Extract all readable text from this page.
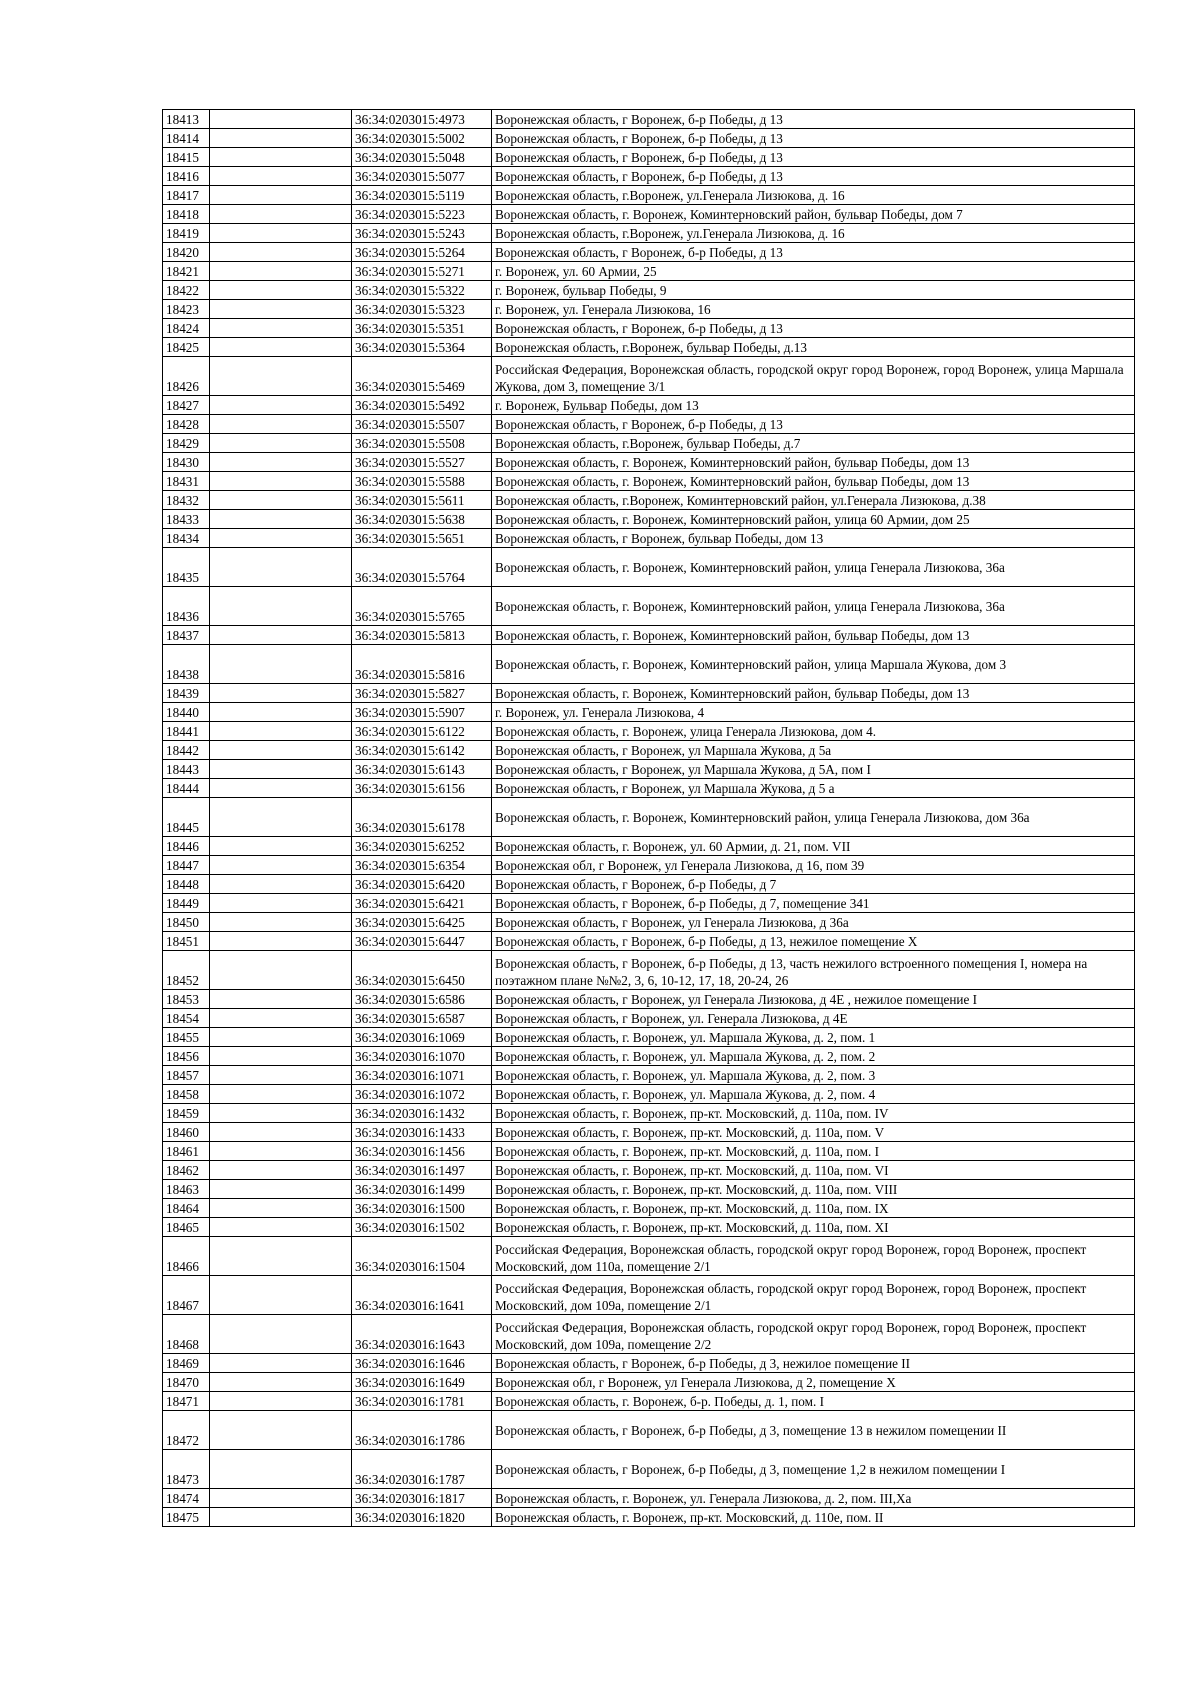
18413		36:34:0203015:4973	Воронежская область, г Воронеж, б-р Победы, д 13
18414		36:34:0203015:5002	Воронежская область, г Воронеж, б-р Победы, д 13
18415		36:34:0203015:5048	Воронежская область, г Воронеж, б-р Победы, д 13
18416		36:34:0203015:5077	Воронежская область, г Воронеж, б-р Победы, д 13
18417		36:34:0203015:5119	Воронежская область, г.Воронеж, ул.Генерала Лизюкова, д. 16
18418		36:34:0203015:5223	Воронежская область, г. Воронеж, Коминтерновский район, бульвар Победы, дом 7
18419		36:34:0203015:5243	Воронежская область, г.Воронеж, ул.Генерала Лизюкова, д. 16
18420		36:34:0203015:5264	Воронежская область, г Воронеж, б-р Победы, д 13
18421		36:34:0203015:5271	г. Воронеж, ул. 60 Армии, 25
18422		36:34:0203015:5322	г. Воронеж, бульвар Победы, 9
18423		36:34:0203015:5323	г. Воронеж, ул. Генерала Лизюкова, 16
18424		36:34:0203015:5351	Воронежская область, г Воронеж, б-р Победы, д 13
18425		36:34:0203015:5364	Воронежская область, г.Воронеж, бульвар Победы, д.13
18426		36:34:0203015:5469	Российская Федерация, Воронежская область, городской округ город Воронеж, город Воронеж, улица Маршала Жукова, дом 3, помещение 3/1
18427		36:34:0203015:5492	г. Воронеж, Бульвар Победы, дом 13
18428		36:34:0203015:5507	Воронежская область, г Воронеж, б-р Победы, д 13
18429		36:34:0203015:5508	Воронежская область, г.Воронеж, бульвар Победы, д.7
18430		36:34:0203015:5527	Воронежская область, г. Воронеж, Коминтерновский район, бульвар Победы, дом 13
18431		36:34:0203015:5588	Воронежская область, г. Воронеж, Коминтерновский район, бульвар Победы, дом 13
18432		36:34:0203015:5611	Воронежская область, г.Воронеж, Коминтерновский район, ул.Генерала Лизюкова, д.38
18433		36:34:0203015:5638	Воронежская область, г. Воронеж, Коминтерновский район, улица 60 Армии, дом 25
18434		36:34:0203015:5651	Воронежская область, г Воронеж, бульвар Победы, дом 13
18435		36:34:0203015:5764	Воронежская область, г. Воронеж, Коминтерновский район, улица Генерала Лизюкова, 36а
18436		36:34:0203015:5765	Воронежская область, г. Воронеж, Коминтерновский район, улица Генерала Лизюкова, 36а
18437		36:34:0203015:5813	Воронежская область, г. Воронеж, Коминтерновский район, бульвар Победы, дом 13
18438		36:34:0203015:5816	Воронежская область, г. Воронеж, Коминтерновский район, улица Маршала Жукова, дом 3
18439		36:34:0203015:5827	Воронежская область, г. Воронеж, Коминтерновский район, бульвар Победы, дом 13
18440		36:34:0203015:5907	г. Воронеж, ул. Генерала Лизюкова, 4
18441		36:34:0203015:6122	Воронежская область, г. Воронеж, улица Генерала Лизюкова, дом 4.
18442		36:34:0203015:6142	Воронежская область, г Воронеж, ул Маршала Жукова, д 5а
18443		36:34:0203015:6143	Воронежская область, г Воронеж, ул Маршала Жукова, д 5А, пом I
18444		36:34:0203015:6156	Воронежская область, г Воронеж, ул Маршала Жукова, д 5 а
18445		36:34:0203015:6178	Воронежская область, г. Воронеж, Коминтерновский район, улица Генерала Лизюкова, дом 36а
18446		36:34:0203015:6252	Воронежская область, г. Воронеж, ул. 60 Армии, д. 21, пом. VII
18447		36:34:0203015:6354	Воронежская обл, г Воронеж, ул Генерала Лизюкова, д 16, пом 39
18448		36:34:0203015:6420	Воронежская область, г Воронеж, б-р Победы, д 7
18449		36:34:0203015:6421	Воронежская область, г Воронеж, б-р Победы, д 7, помещение 341
18450		36:34:0203015:6425	Воронежская область, г Воронеж, ул Генерала Лизюкова, д 36а
18451		36:34:0203015:6447	Воронежская область, г Воронеж, б-р Победы, д 13, нежилое помещение X
18452		36:34:0203015:6450	Воронежская область, г Воронеж, б-р Победы, д 13, часть нежилого встроенного помещения I, номера на поэтажном плане №№2, 3, 6, 10-12, 17, 18, 20-24, 26
18453		36:34:0203015:6586	Воронежская область, г Воронеж, ул Генерала Лизюкова, д 4Е , нежилое помещение I
18454		36:34:0203015:6587	Воронежская область, г Воронеж, ул. Генерала Лизюкова, д 4Е
18455		36:34:0203016:1069	Воронежская область, г. Воронеж, ул. Маршала Жукова, д. 2, пом. 1
18456		36:34:0203016:1070	Воронежская область, г. Воронеж, ул. Маршала Жукова, д. 2, пом. 2
18457		36:34:0203016:1071	Воронежская область, г. Воронеж, ул. Маршала Жукова, д. 2, пом. 3
18458		36:34:0203016:1072	Воронежская область, г. Воронеж, ул. Маршала Жукова, д. 2, пом. 4
18459		36:34:0203016:1432	Воронежская область, г. Воронеж, пр-кт. Московский, д. 110а, пом. IV
18460		36:34:0203016:1433	Воронежская область, г. Воронеж, пр-кт. Московский, д. 110а, пом. V
18461		36:34:0203016:1456	Воронежская область, г. Воронеж, пр-кт. Московский, д. 110а, пом. I
18462		36:34:0203016:1497	Воронежская область, г. Воронеж, пр-кт. Московский, д. 110а, пом. VI
18463		36:34:0203016:1499	Воронежская область, г. Воронеж, пр-кт. Московский, д. 110а, пом. VIII
18464		36:34:0203016:1500	Воронежская область, г. Воронеж, пр-кт. Московский, д. 110а, пом. IX
18465		36:34:0203016:1502	Воронежская область, г. Воронеж, пр-кт. Московский, д. 110а, пом. XI
18466		36:34:0203016:1504	Российская Федерация, Воронежская область, городской округ город Воронеж, город Воронеж, проспект Московский, дом 110а, помещение 2/1
18467		36:34:0203016:1641	Российская Федерация, Воронежская область, городской округ город Воронеж, город Воронеж, проспект Московский, дом 109а, помещение 2/1
18468		36:34:0203016:1643	Российская Федерация, Воронежская область, городской округ город Воронеж, город Воронеж, проспект Московский, дом 109а, помещение 2/2
18469		36:34:0203016:1646	Воронежская область, г Воронеж, б-р Победы, д 3, нежилое помещение II
18470		36:34:0203016:1649	Воронежская обл, г Воронеж, ул Генерала Лизюкова, д 2, помещение X
18471		36:34:0203016:1781	Воронежская область, г. Воронеж, б-р. Победы, д. 1, пом. I
18472		36:34:0203016:1786	Воронежская область, г Воронеж, б-р Победы, д 3, помещение 13 в нежилом помещении II
18473		36:34:0203016:1787	Воронежская область, г Воронеж, б-р Победы, д 3, помещение 1,2 в нежилом помещении I
18474		36:34:0203016:1817	Воронежская область, г. Воронеж, ул. Генерала Лизюкова, д. 2, пом. III,Xа
18475		36:34:0203016:1820	Воронежская область, г. Воронеж, пр-кт. Московский, д. 110е, пом. II
